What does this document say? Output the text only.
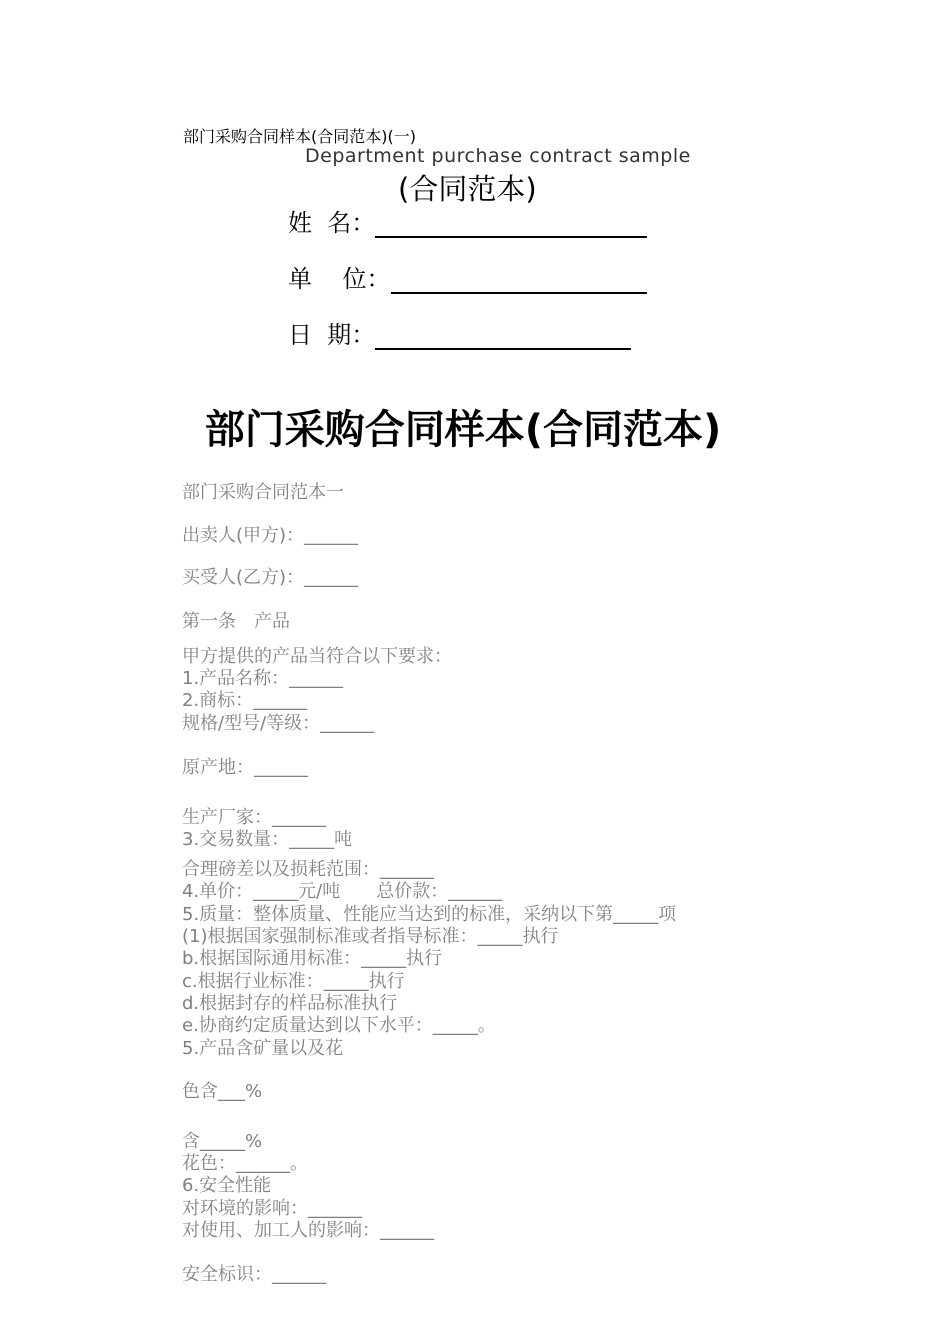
部门采购合同样本(合同范本)(一)
Department purchase contract sample
(合同范本)
姓  名：
单    位：
日  期：
部门采购合同样本(合同范本)
部门采购合同范本一
出卖人(甲方)：______
买受人(乙方)：______
第一条　产品
甲方提供的产品当符合以下要求：
1.产品名称：______
2.商标：______
规格/型号/等级：______
原产地：______
生产厂家：______
3.交易数量：_____吨
合理磅差以及损耗范围：______
4.单价：_____元/吨　　总价款：______
5.质量：整体质量、性能应当达到的标准，采纳以下第_____项
(1)根据国家强制标准或者指导标准：_____执行
b.根据国际通用标准：_____执行
c.根据行业标准：_____执行
d.根据封存的样品标准执行
e.协商约定质量达到以下水平：_____。
5.产品含矿量以及花
色含___%
含_____%
花色：______。
6.安全性能
对环境的影响：______
对使用、加工人的影响：______
安全标识：______
